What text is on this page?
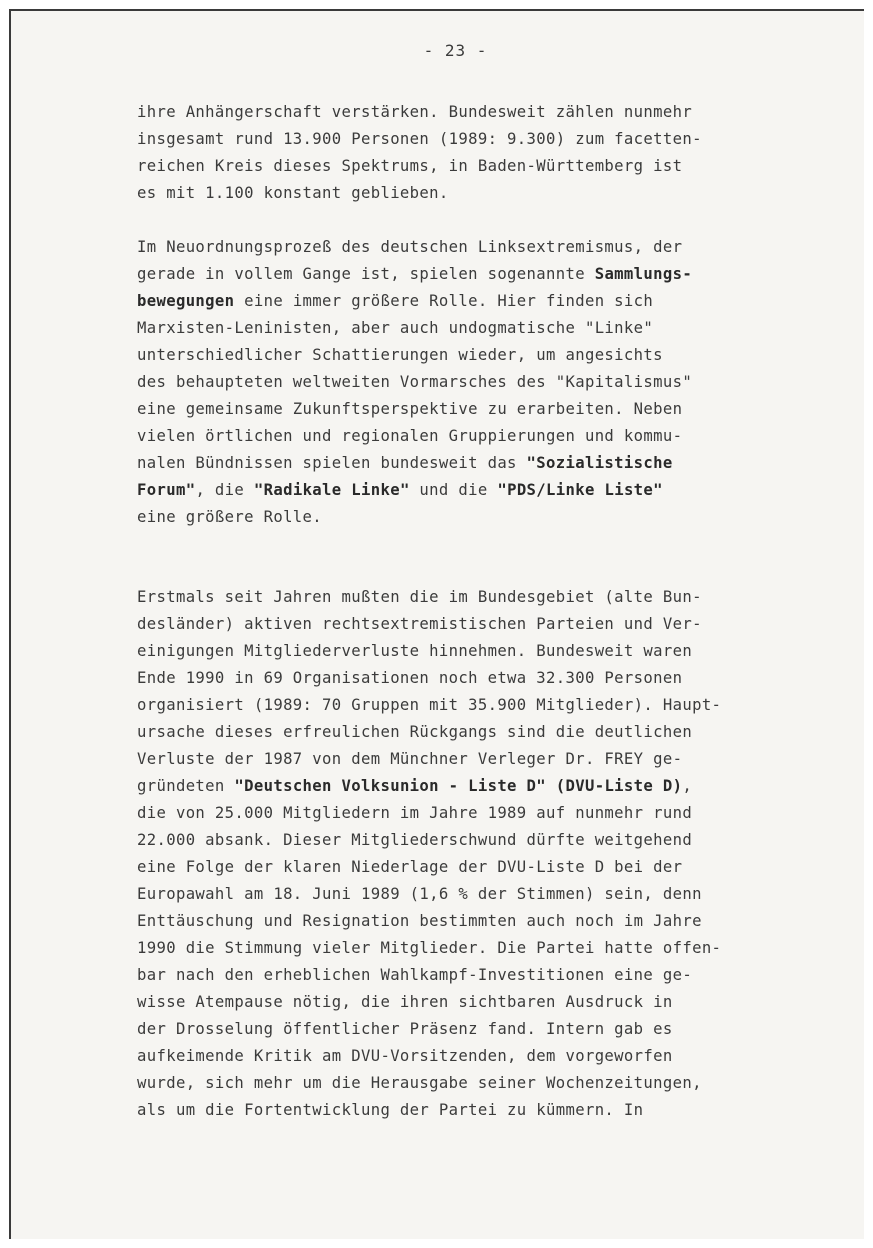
- 23 -
ihre Anhängerschaft verstärken. Bundesweit zählen nunmehr
insgesamt rund 13.900 Personen (1989: 9.300) zum facetten-
reichen Kreis dieses Spektrums, in Baden-Württemberg ist
es mit 1.100 konstant geblieben.
Im Neuordnungsprozeß des deutschen Linksextremismus, der
gerade in vollem Gange ist, spielen sogenannte Sammlungs-
bewegungen eine immer größere Rolle. Hier finden sich
Marxisten-Leninisten, aber auch undogmatische "Linke"
unterschiedlicher Schattierungen wieder, um angesichts
des behaupteten weltweiten Vormarsches des "Kapitalismus"
eine gemeinsame Zukunftsperspektive zu erarbeiten. Neben
vielen örtlichen und regionalen Gruppierungen und kommu-
nalen Bündnissen spielen bundesweit das "Sozialistische
Forum", die "Radikale Linke" und die "PDS/Linke Liste"
eine größere Rolle.
Erstmals seit Jahren mußten die im Bundesgebiet (alte Bun-
desländer) aktiven rechtsextremistischen Parteien und Ver-
einigungen Mitgliederverluste hinnehmen. Bundesweit waren
Ende 1990 in 69 Organisationen noch etwa 32.300 Personen
organisiert (1989: 70 Gruppen mit 35.900 Mitglieder). Haupt-
ursache dieses erfreulichen Rückgangs sind die deutlichen
Verluste der 1987 von dem Münchner Verleger Dr. FREY ge-
gründeten "Deutschen Volksunion - Liste D" (DVU-Liste D),
die von 25.000 Mitgliedern im Jahre 1989 auf nunmehr rund
22.000 absank. Dieser Mitgliederschwund dürfte weitgehend
eine Folge der klaren Niederlage der DVU-Liste D bei der
Europawahl am 18. Juni 1989 (1,6 % der Stimmen) sein, denn
Enttäuschung und Resignation bestimmten auch noch im Jahre
1990 die Stimmung vieler Mitglieder. Die Partei hatte offen-
bar nach den erheblichen Wahlkampf-Investitionen eine ge-
wisse Atempause nötig, die ihren sichtbaren Ausdruck in
der Drosselung öffentlicher Präsenz fand. Intern gab es
aufkeimende Kritik am DVU-Vorsitzenden, dem vorgeworfen
wurde, sich mehr um die Herausgabe seiner Wochenzeitungen,
als um die Fortentwicklung der Partei zu kümmern. In
